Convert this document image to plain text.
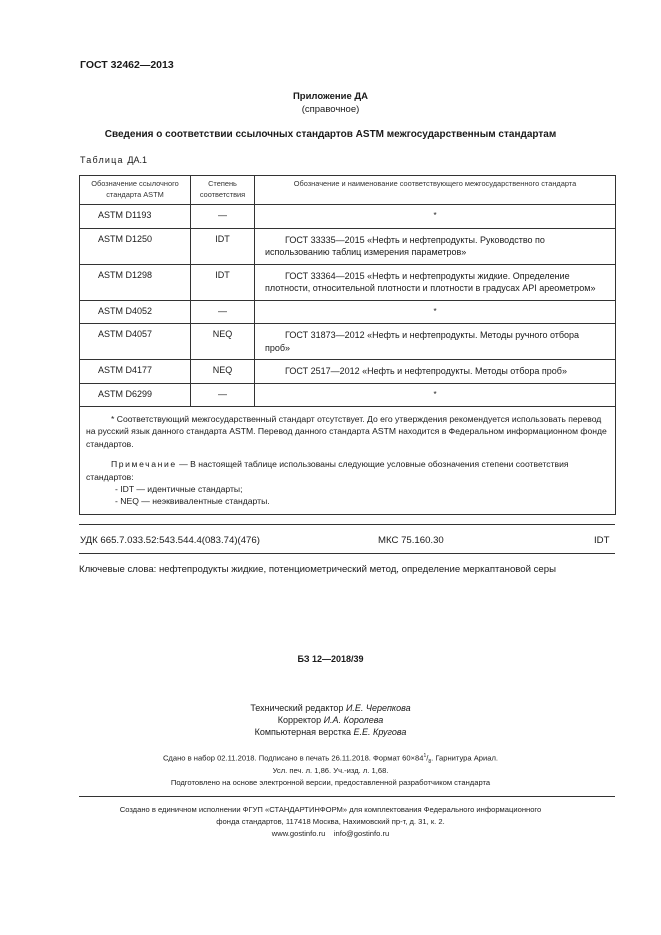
ГОСТ 32462—2013
Приложение ДА
(справочное)
Сведения о соответствии ссылочных стандартов ASTM межгосударственным стандартам
Таблица ДА.1
Обозначение ссылочного стандарта ASTM	Степень соответствия	Обозначение и наименование соответствующего межгосударственного стандарта
ASTM D1193	—	*
ASTM D1250	IDT	ГОСТ 33335—2015 «Нефть и нефтепродукты. Руководство по использованию таблиц измерения параметров»
ASTM D1298	IDT	ГОСТ 33364—2015 «Нефть и нефтепродукты жидкие. Определение плотности, относительной плотности и плотности в градусах API ареометром»
ASTM D4052	—	*
ASTM D4057	NEQ	ГОСТ 31873—2012 «Нефть и нефтепродукты. Методы ручного отбора проб»
ASTM D4177	NEQ	ГОСТ 2517—2012 «Нефть и нефтепродукты. Методы отбора проб»
ASTM D6299	—	*

* Соответствующий межгосударственный стандарт отсутствует. До его утверждения рекомендуется использовать перевод на русский язык данного стандарта ASTM. Перевод данного стандарта ASTM находится в Федеральном информационном фонде стандартов.

Примечание — В настоящей таблице использованы следующие условные обозначения степени соответствия стандартов:

- IDT — идентичные стандарты;

- NEQ — неэквивалентные стандарты.		

УДК 665.7.033.52:543.544.4(083.74)(476)	МКС 75.160.30	IDT
Ключевые слова: нефтепродукты жидкие, потенциометрический метод, определение меркаптановой серы
БЗ 12—2018/39
Технический редактор И.Е. Черепкова
Корректор И.А. Королева
Компьютерная верстка Е.Е. Кругова
Сдано в набор 02.11.2018. Подписано в печать 26.11.2018. Формат $60\times 84^1/_8$. Гарнитура Ариал.
Усл. печ. л. 1,86. Уч.-изд. л. 1,68.
Подготовлено на основе электронной версии, предоставленной разработчиком стандарта
Создано в единичном исполнении ФГУП «СТАНДАРТИНФОРМ» для комплектования Федерального информационного
фонда стандартов, 117418 Москва, Нахимовский пр-т, д. 31, к. 2.
www.gostinfo.ru info@gostinfo.ru
